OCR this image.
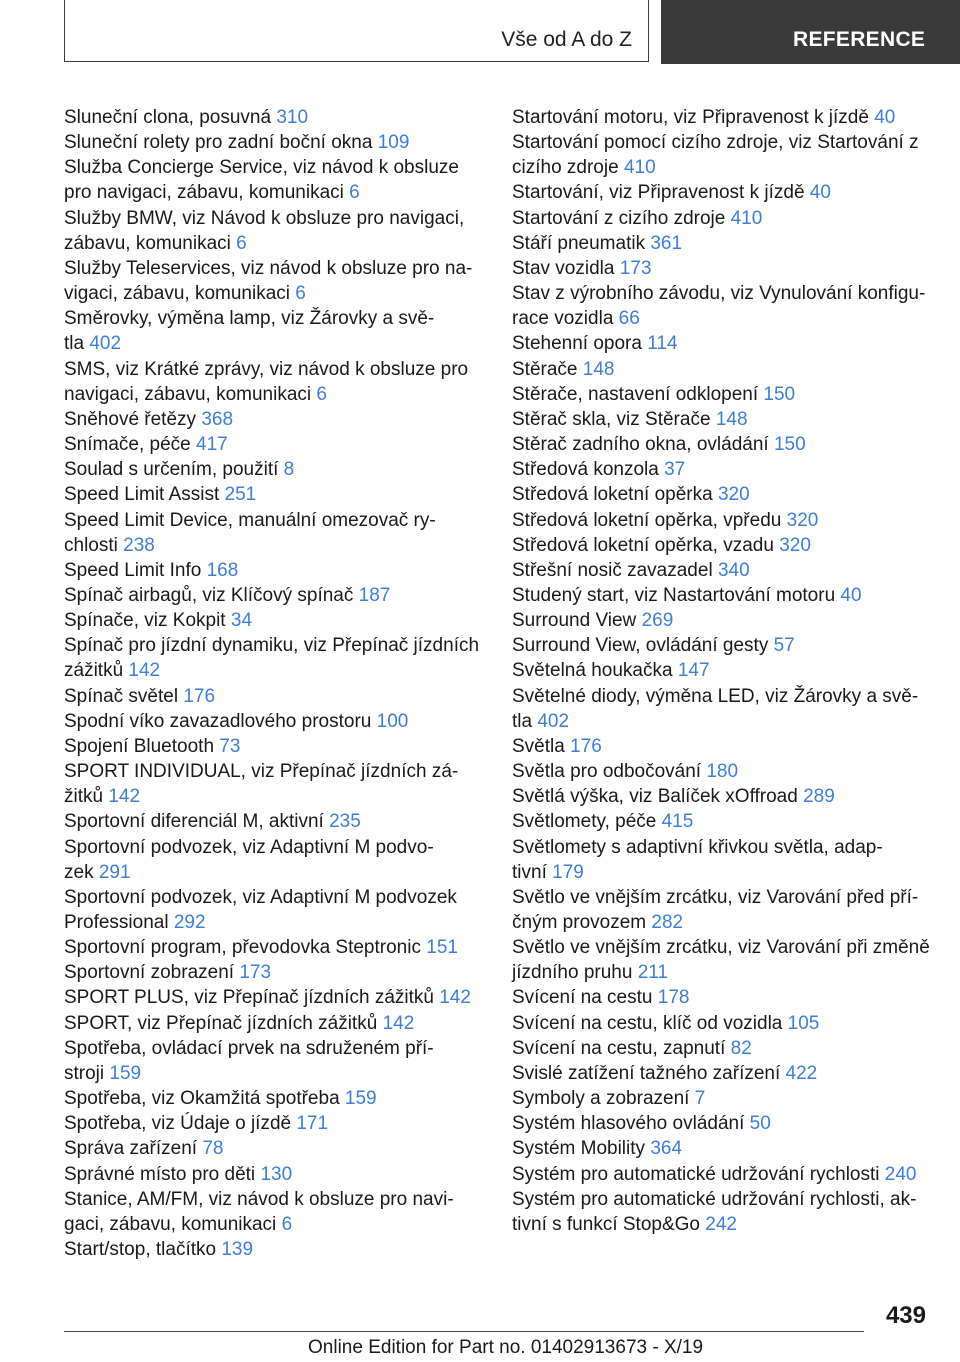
Vše od A do Z	REFERENCE
Sluneční clona, posuvná 310
Sluneční rolety pro zadní boční okna 109
Služba Concierge Service, viz návod k obsluze
pro navigaci, zábavu, komunikaci 6
Služby BMW, viz Návod k obsluze pro navigaci,
zábavu, komunikaci 6
Služby Teleservices, viz návod k obsluze pro na‐
vigaci, zábavu, komunikaci 6
Směrovky, výměna lamp, viz Žárovky a svě‐
tla 402
SMS, viz Krátké zprávy, viz návod k obsluze pro
navigaci, zábavu, komunikaci 6
Sněhové řetězy 368
Snímače, péče 417
Soulad s určením, použití 8
Speed Limit Assist 251
Speed Limit Device, manuální omezovač ry‐
chlosti 238
Speed Limit Info 168
Spínač airbagů, viz Klíčový spínač 187
Spínače, viz Kokpit 34
Spínač pro jízdní dynamiku, viz Přepínač jízdních
zážitků 142
Spínač světel 176
Spodní víko zavazadlového prostoru 100
Spojení Bluetooth 73
SPORT INDIVIDUAL, viz Přepínač jízdních zá‐
žitků 142
Sportovní diferenciál M, aktivní 235
Sportovní podvozek, viz Adaptivní M podvo‐
zek 291
Sportovní podvozek, viz Adaptivní M podvozek
Professional 292
Sportovní program, převodovka Steptronic 151
Sportovní zobrazení 173
SPORT PLUS, viz Přepínač jízdních zážitků 142
SPORT, viz Přepínač jízdních zážitků 142
Spotřeba, ovládací prvek na sdruženém pří‐
stroji 159
Spotřeba, viz Okamžitá spotřeba 159
Spotřeba, viz Údaje o jízdě 171
Správa zařízení 78
Správné místo pro děti 130
Stanice, AM/FM, viz návod k obsluze pro navi‐
gaci, zábavu, komunikaci 6
Start/stop, tlačítko 139
Startování motoru, viz Připravenost k jízdě 40
Startování pomocí cizího zdroje, viz Startování z
cizího zdroje 410
Startování, viz Připravenost k jízdě 40
Startování z cizího zdroje 410
Stáří pneumatik 361
Stav vozidla 173
Stav z výrobního závodu, viz Vynulování konfigu‐
race vozidla 66
Stehenní opora 114
Stěrače 148
Stěrače, nastavení odklopení 150
Stěrač skla, viz Stěrače 148
Stěrač zadního okna, ovládání 150
Středová konzola 37
Středová loketní opěrka 320
Středová loketní opěrka, vpředu 320
Středová loketní opěrka, vzadu 320
Střešní nosič zavazadel 340
Studený start, viz Nastartování motoru 40
Surround View 269
Surround View, ovládání gesty 57
Světelná houkačka 147
Světelné diody, výměna LED, viz Žárovky a svě‐
tla 402
Světla 176
Světla pro odbočování 180
Světlá výška, viz Balíček xOffroad 289
Světlomety, péče 415
Světlomety s adaptivní křivkou světla, adap‐
tivní 179
Světlo ve vnějším zrcátku, viz Varování před pří‐
čným provozem 282
Světlo ve vnějším zrcátku, viz Varování při změně
jízdního pruhu 211
Svícení na cestu 178
Svícení na cestu, klíč od vozidla 105
Svícení na cestu, zapnutí 82
Svislé zatížení tažného zařízení 422
Symboly a zobrazení 7
Systém hlasového ovládání 50
Systém Mobility 364
Systém pro automatické udržování rychlosti 240
Systém pro automatické udržování rychlosti, ak‐
tivní s funkcí Stop&Go 242
439
Online Edition for Part no. 01402913673 - X/19
